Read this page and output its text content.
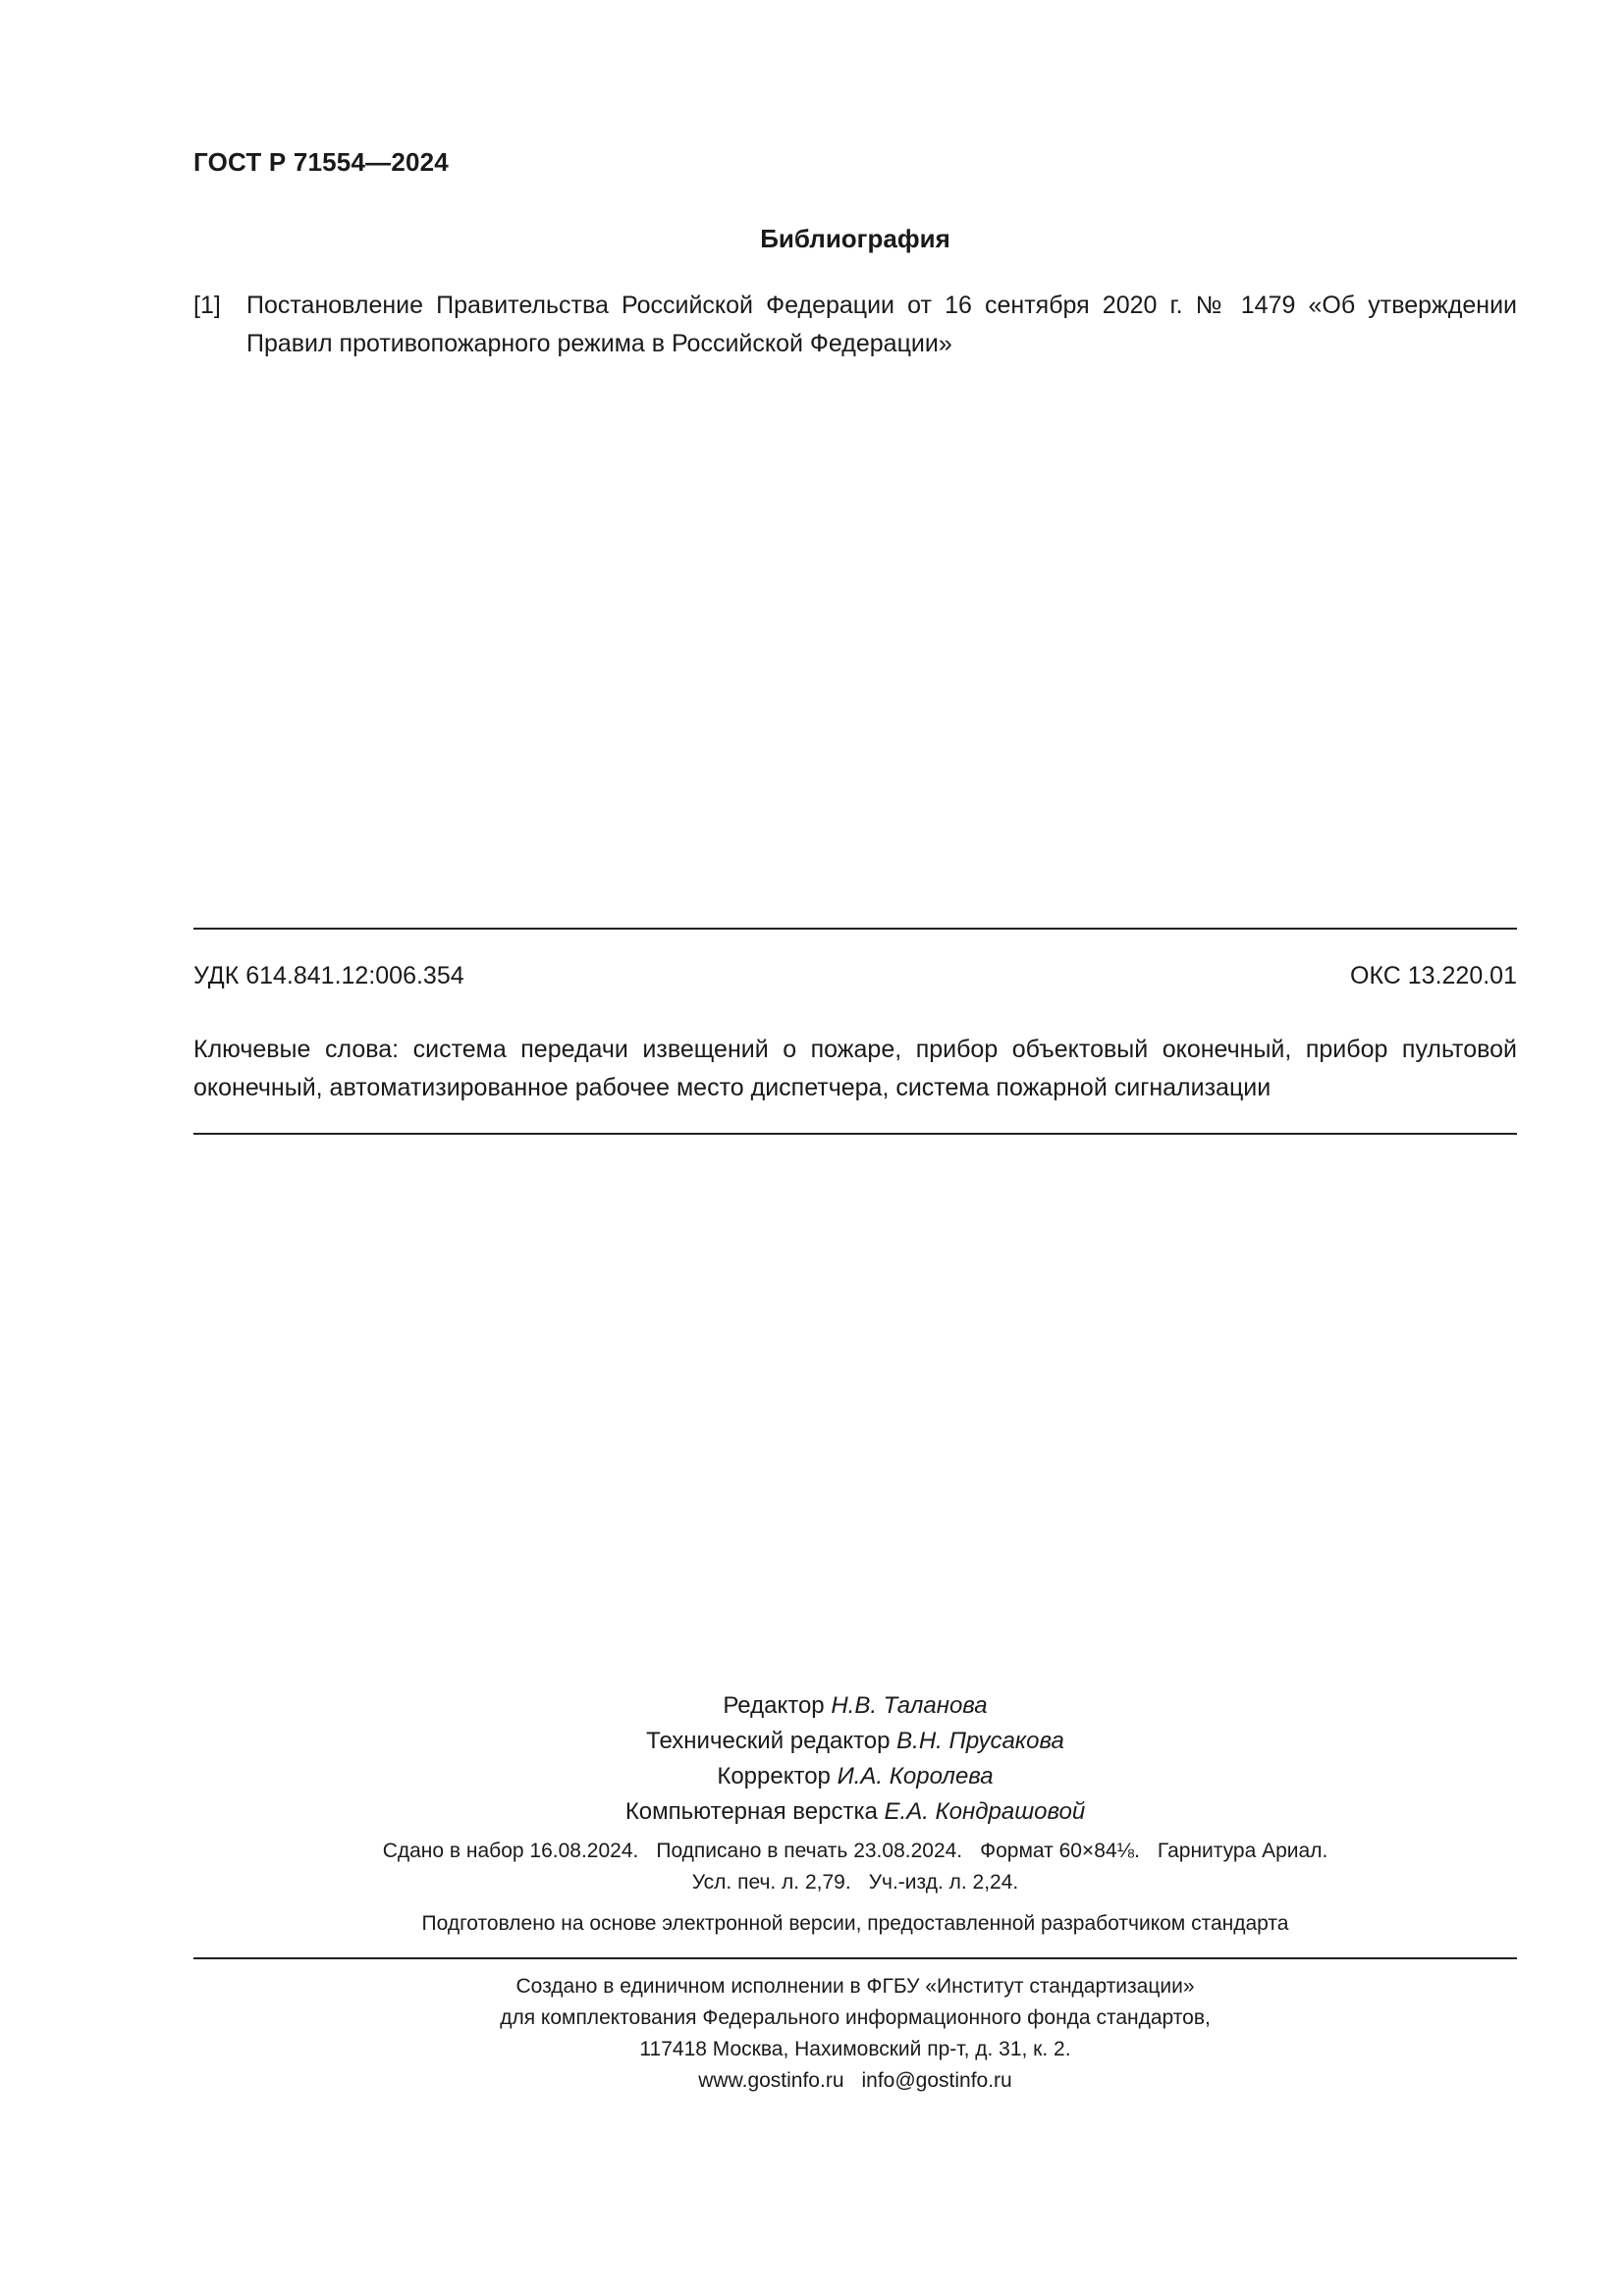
ГОСТ Р 71554—2024
Библиография
[1] Постановление Правительства Российской Федерации от 16 сентября 2020 г. № 1479 «Об утверждении Правил противопожарного режима в Российской Федерации»
УДК 614.841.12:006.354	ОКС 13.220.01
Ключевые слова: система передачи извещений о пожаре, прибор объектовый оконечный, прибор пультовой оконечный, автоматизированное рабочее место диспетчера, система пожарной сигнализации
Редактор Н.В. Таланова
Технический редактор В.Н. Прусакова
Корректор И.А. Королева
Компьютерная верстка Е.А. Кондрашовой
Сдано в набор 16.08.2024. Подписано в печать 23.08.2024. Формат 60×84⅛. Гарнитура Ариал.
Усл. печ. л. 2,79. Уч.-изд. л. 2,24.
Подготовлено на основе электронной версии, предоставленной разработчиком стандарта
Создано в единичном исполнении в ФГБУ «Институт стандартизации»
для комплектования Федерального информационного фонда стандартов,
117418 Москва, Нахимовский пр-т, д. 31, к. 2.
www.gostinfo.ru info@gostinfo.ru
